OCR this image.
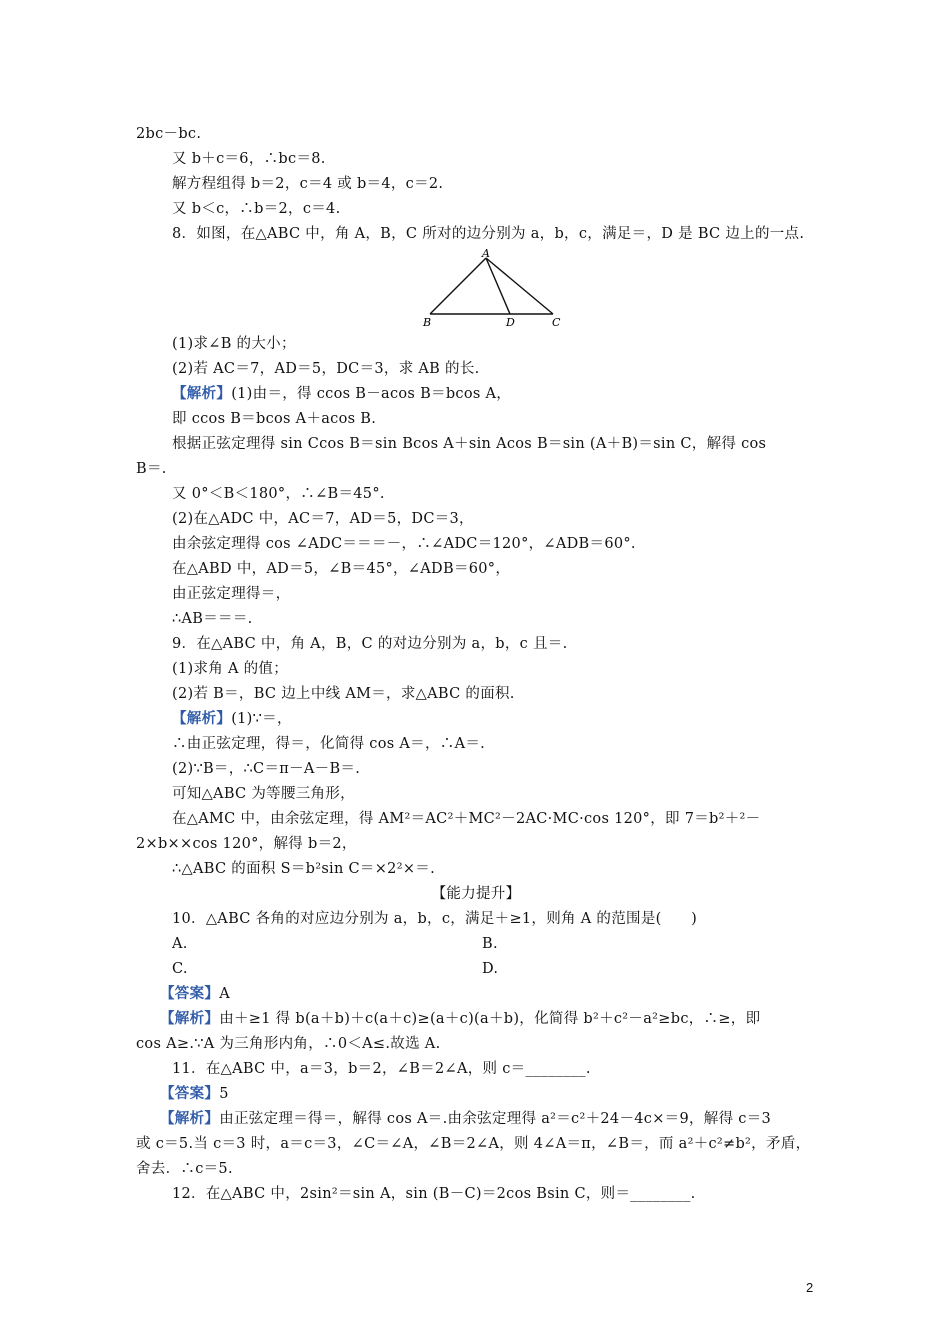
2bc－bc.
又 b＋c＝6，∴bc＝8.
解方程组得 b＝2，c＝4 或 b＝4，c＝2.
又 b＜c，∴b＝2，c＝4.
8．如图，在△ABC 中，角 A，B，C 所对的边分别为 a，b，c，满足＝，D 是 BC 边上的一点.
A
B	D	C
(1)求∠B 的大小；
(2)若 AC＝7，AD＝5，DC＝3，求 AB 的长.
【解析】(1)由＝，得 ccos B－acos B＝bcos A，
即 ccos B＝bcos A＋acos B.
根据正弦定理得 sin Ccos B＝sin Bcos A＋sin Acos B＝sin (A＋B)＝sin C，解得 cos
B＝.
又 0°＜B＜180°，∴∠B＝45°.
(2)在△ADC 中，AC＝7，AD＝5，DC＝3，
由余弦定理得 cos ∠ADC＝＝＝－，∴∠ADC＝120°，∠ADB＝60°.
在△ABD 中，AD＝5，∠B＝45°，∠ADB＝60°，
由正弦定理得＝，
∴AB＝＝＝.
9．在△ABC 中，角 A，B，C 的对边分别为 a，b，c 且＝.
(1)求角 A 的值；
(2)若 B＝，BC 边上中线 AM＝，求△ABC 的面积.
【解析】(1)∵＝，
∴由正弦定理，得＝，化简得 cos A＝，∴A＝.
(2)∵B＝，∴C＝π－A－B＝.
可知△ABC 为等腰三角形，
在△AMC 中，由余弦定理，得 AM²＝AC²＋MC²－2AC·MC·cos 120°，即 7＝b²＋²－
2×b××cos 120°，解得 b＝2，
∴△ABC 的面积 S＝b²sin C＝×2²×＝.
【能力提升】
10．△ABC 各角的对应边分别为 a，b，c，满足＋≥1，则角 A 的范围是(　　)
A.	B.
C.	D.
【答案】A
【解析】由＋≥1 得 b(a＋b)＋c(a＋c)≥(a＋c)(a＋b)，化简得 b²＋c²－a²≥bc，∴≥，即
cos A≥.∵A 为三角形内角，∴0＜A≤.故选 A.
11．在△ABC 中，a＝3，b＝2，∠B＝2∠A，则 c＝________.
【答案】5
【解析】由正弦定理＝得＝，解得 cos A＝.由余弦定理得 a²＝c²＋24－4c×＝9，解得 c＝3
或 c＝5.当 c＝3 时，a＝c＝3，∠C＝∠A，∠B＝2∠A，则 4∠A＝π，∠B＝，而 a²＋c²≠b²，矛盾，
舍去．∴c＝5.
12．在△ABC 中，2sin²＝sin A，sin (B－C)＝2cos Bsin C，则＝________.
2
